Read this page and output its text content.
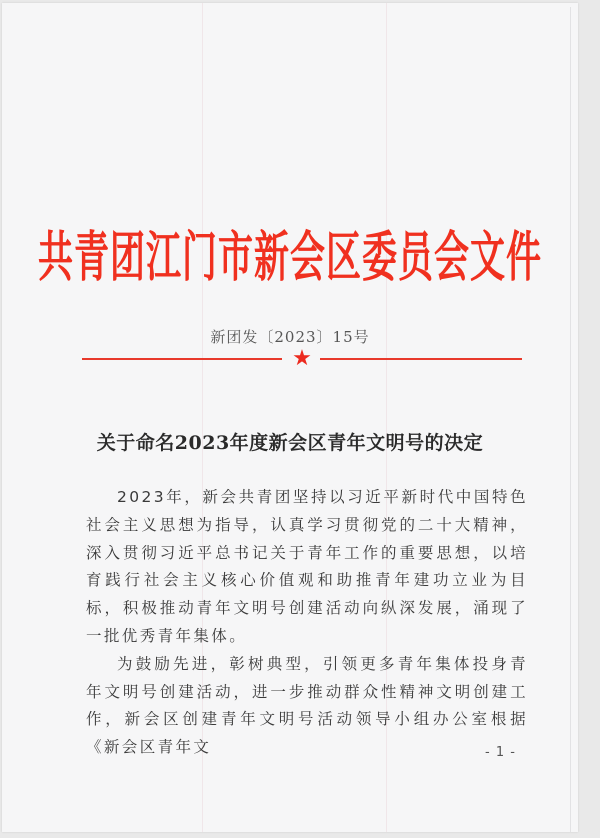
共青团江门市新会区委员会文件
新团发〔2023〕15号
★
关于命名2023年度新会区青年文明号的决定

2023年，新会共青团坚持以习近平新时代中国特色社会主义思想为指导，认真学习贯彻党的二十大精神，深入贯彻习近平总书记关于青年工作的重要思想，以培育践行社会主义核心价值观和助推青年建功立业为目标，积极推动青年文明号创建活动向纵深发展，涌现了一批优秀青年集体。

为鼓励先进，彰树典型，引领更多青年集体投身青年文明号创建活动，进一步推动群众性精神文明创建工作，新会区创建青年文明号活动领导小组办公室根据《新会区青年文	- 1 -
